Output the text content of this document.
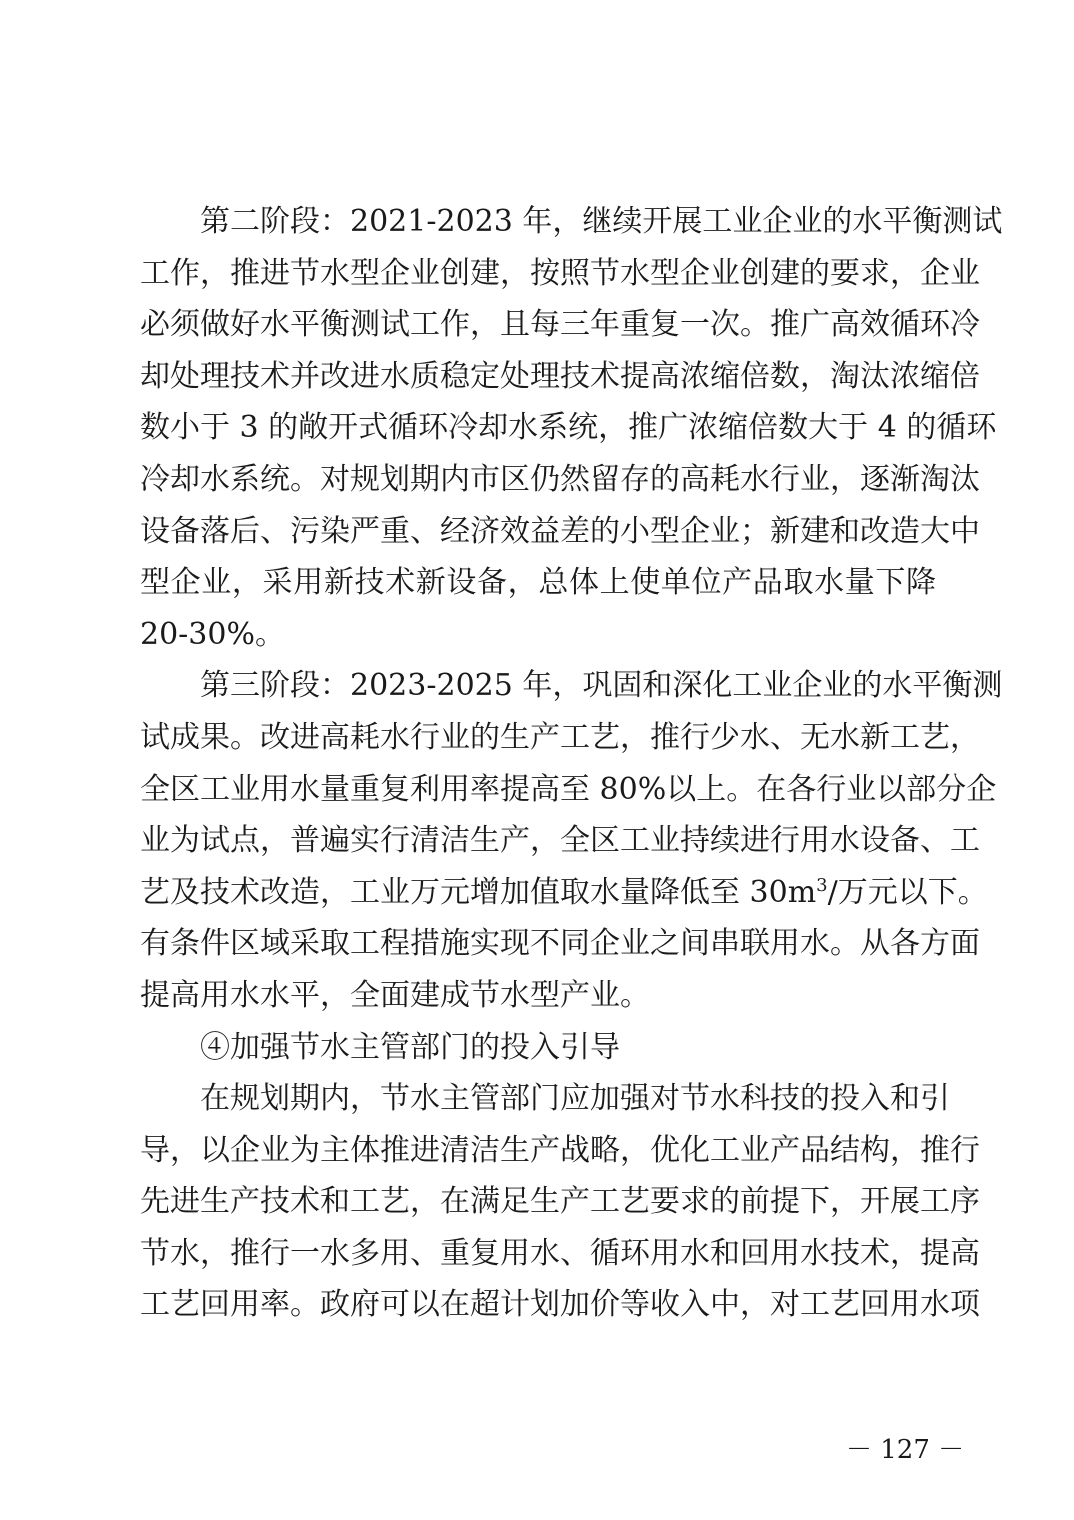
第二阶段：2021-2023 年，继续开展工业企业的水平衡测试
工作，推进节水型企业创建，按照节水型企业创建的要求，企业
必须做好水平衡测试工作，且每三年重复一次。推广高效循环冷
却处理技术并改进水质稳定处理技术提高浓缩倍数，淘汰浓缩倍
数小于 3 的敞开式循环冷却水系统，推广浓缩倍数大于 4 的循环
冷却水系统。对规划期内市区仍然留存的高耗水行业，逐渐淘汰
设备落后、污染严重、经济效益差的小型企业；新建和改造大中
型企业，采用新技术新设备，总体上使单位产品取水量下降
20-30%。
第三阶段：2023-2025 年，巩固和深化工业企业的水平衡测
试成果。改进高耗水行业的生产工艺，推行少水、无水新工艺，
全区工业用水量重复利用率提高至 80%以上。在各行业以部分企
业为试点，普遍实行清洁生产，全区工业持续进行用水设备、工
艺及技术改造，工业万元增加值取水量降低至 $30m^3/$万元以下。
有条件区域采取工程措施实现不同企业之间串联用水。从各方面
提高用水水平，全面建成节水型产业。
④加强节水主管部门的投入引导
在规划期内，节水主管部门应加强对节水科技的投入和引
导，以企业为主体推进清洁生产战略，优化工业产品结构，推行
先进生产技术和工艺，在满足生产工艺要求的前提下，开展工序
节水，推行一水多用、重复用水、循环用水和回用水技术，提高
工艺回用率。政府可以在超计划加价等收入中，对工艺回用水项
－ 127 －
